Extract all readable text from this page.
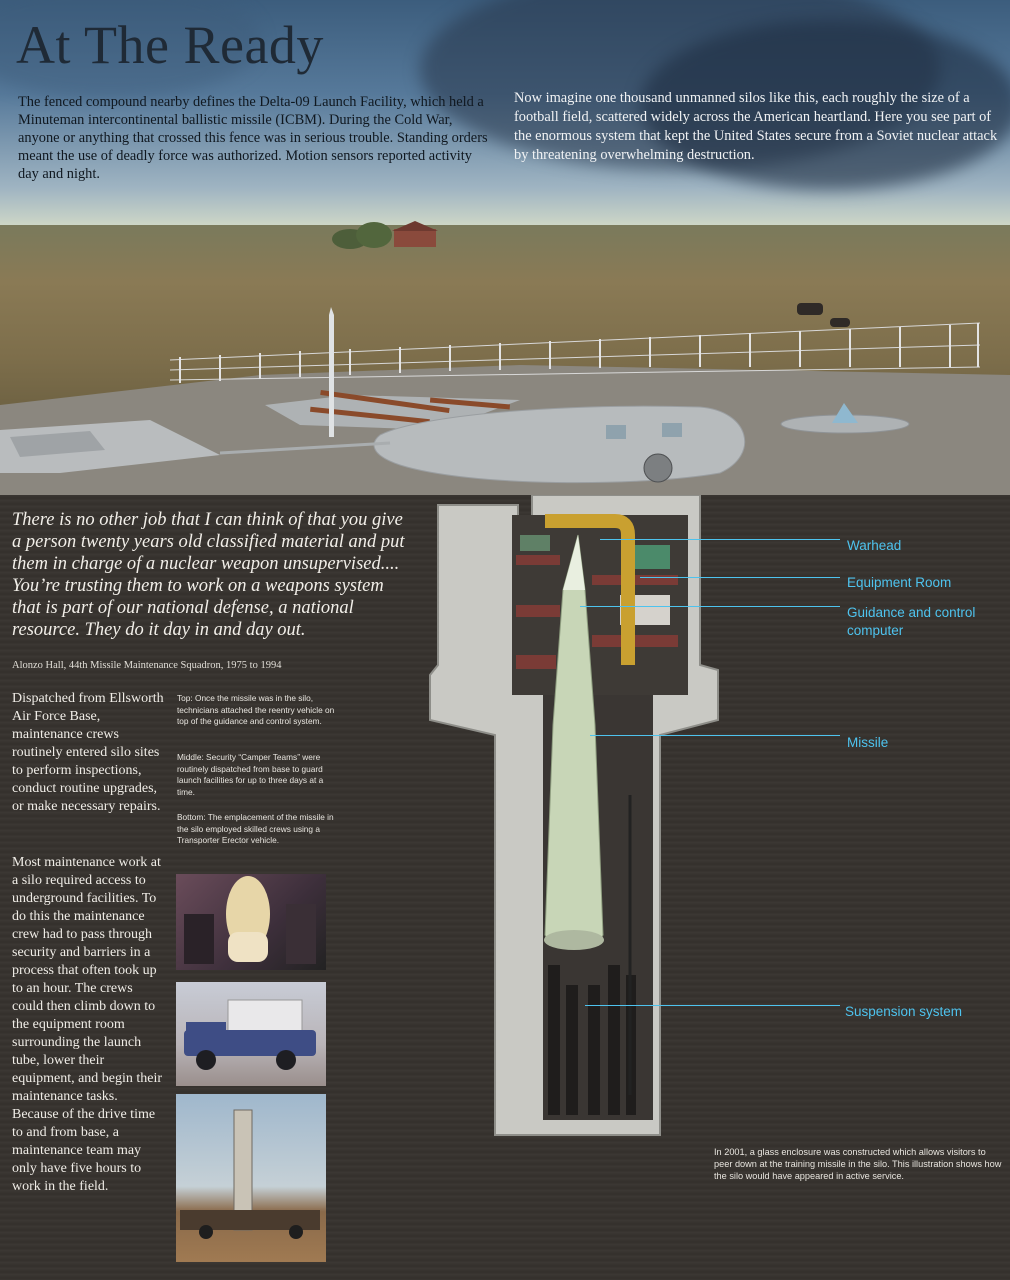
At The Ready

The fenced compound nearby defines the Delta-09 Launch Facility, which held a Minuteman intercontinental ballistic missile (ICBM). During the Cold War, anyone or anything that crossed this fence was in serious trouble. Standing orders meant the use of deadly force was authorized. Motion sensors reported activity day and night.

Now imagine one thousand unmanned silos like this, each roughly the size of a football field, scattered widely across the American heartland. Here you see part of the enormous system that kept the United States secure from a Soviet nuclear attack by threatening overwhelming destruction.

There is no other job that I can think of that you give a person twenty years old classified material and put them in charge of a nuclear weapon unsupervised.... You’re trusting them to work on a weapons system that is part of our national defense, a national resource. They do it day in and day out.

Alonzo Hall, 44th Missile Maintenance Squadron, 1975 to 1994

Dispatched from Ellsworth Air Force Base, maintenance crews routinely entered silo sites to perform inspections, conduct routine upgrades, or make necessary repairs.

Most maintenance work at a silo required access to underground facilities. To do this the maintenance crew had to pass through security and barriers in a process that often took up to an hour. The crews could then climb down to the equipment room surrounding the launch tube, lower their equipment, and begin their maintenance tasks. Because of the drive time to and from base, a maintenance team may only have five hours to work in the field.

Top: Once the missile was in the silo, technicians attached the reentry vehicle on top of the guidance and control system.

Middle: Security “Camper Teams” were routinely dispatched from base to guard launch facilities for up to three days at a time.

Bottom: The emplacement of the missile in the silo employed skilled crews using a Transporter Erector vehicle.

Warhead

Equipment Room

Guidance and control computer

Missile

Suspension system

In 2001, a glass enclosure was constructed which allows visitors to peer down at the training missile in the silo. This illustration shows how the silo would have appeared in active service.
